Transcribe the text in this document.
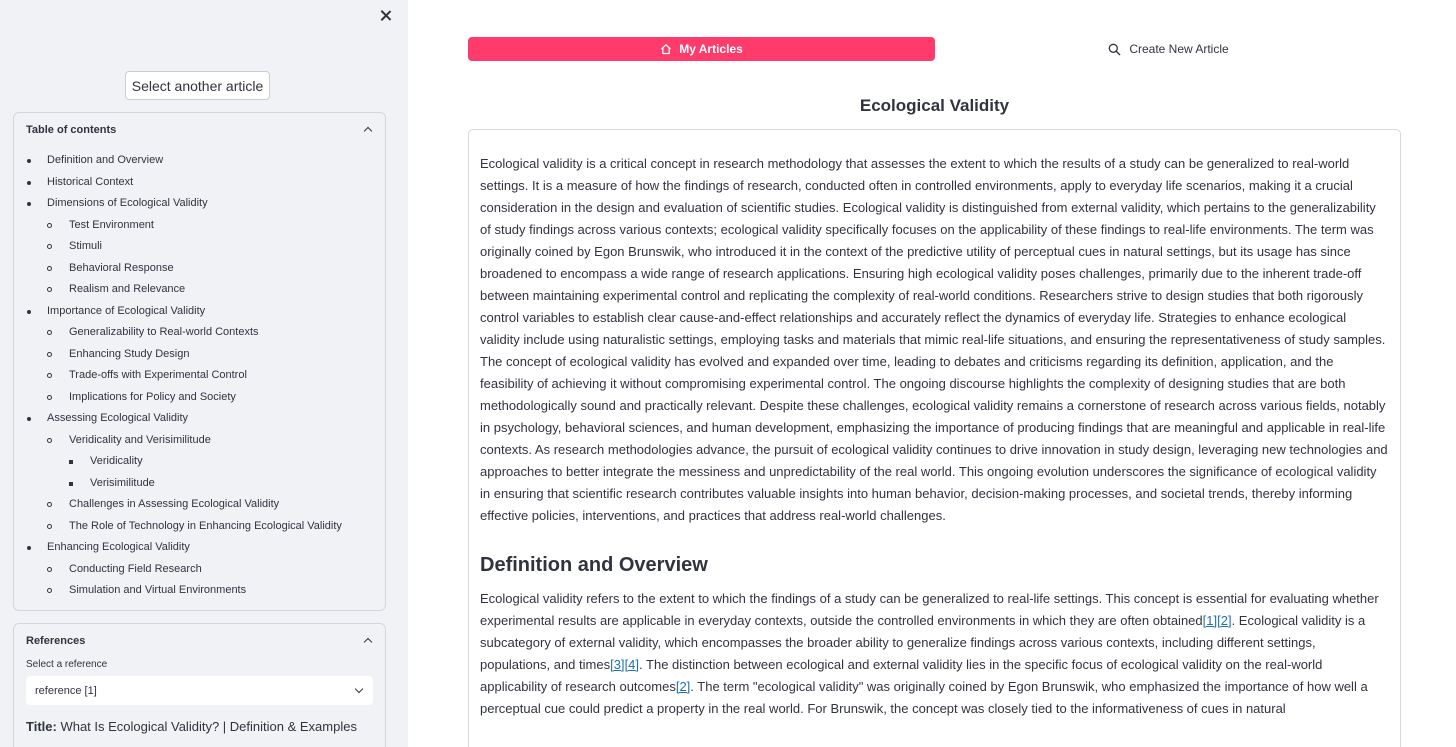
Select another article
Table of contents
Definition and Overview
Historical Context
Dimensions of Ecological Validity
Test Environment
Stimuli
Behavioral Response
Realism and Relevance
Importance of Ecological Validity
Generalizability to Real-world Contexts
Enhancing Study Design
Trade-offs with Experimental Control
Implications for Policy and Society
Assessing Ecological Validity
Veridicality and Verisimilitude
Veridicality
Verisimilitude
Challenges in Assessing Ecological Validity
The Role of Technology in Enhancing Ecological Validity
Enhancing Ecological Validity
Conducting Field Research
Simulation and Virtual Environments
References
Select a reference
reference [1]
Title: What Is Ecological Validity? | Definition & Examples
My Articles	Create New Article
Ecological Validity

Ecological validity is a critical concept in research methodology that assesses the extent to which the results of a study can be generalized to real-world settings. It is a measure of how the findings of research, conducted often in controlled environments, apply to everyday life scenarios, making it a crucial consideration in the design and evaluation of scientific studies. Ecological validity is distinguished from external validity, which pertains to the generalizability of study findings across various contexts; ecological validity specifically focuses on the applicability of these findings to real-life environments. The term was originally coined by Egon Brunswik, who introduced it in the context of the predictive utility of perceptual cues in natural settings, but its usage has since broadened to encompass a wide range of research applications. Ensuring high ecological validity poses challenges, primarily due to the inherent trade-off between maintaining experimental control and replicating the complexity of real-world conditions. Researchers strive to design studies that both rigorously control variables to establish clear cause-and-effect relationships and accurately reflect the dynamics of everyday life. Strategies to enhance ecological validity include using naturalistic settings, employing tasks and materials that mimic real-life situations, and ensuring the representativeness of study samples. The concept of ecological validity has evolved and expanded over time, leading to debates and criticisms regarding its definition, application, and the feasibility of achieving it without compromising experimental control. The ongoing discourse highlights the complexity of designing studies that are both methodologically sound and practically relevant. Despite these challenges, ecological validity remains a cornerstone of research across various fields, notably in psychology, behavioral sciences, and human development, emphasizing the importance of producing findings that are meaningful and applicable in real-life contexts. As research methodologies advance, the pursuit of ecological validity continues to drive innovation in study design, leveraging new technologies and approaches to better integrate the messiness and unpredictability of the real world. This ongoing evolution underscores the significance of ecological validity in ensuring that scientific research contributes valuable insights into human behavior, decision-making processes, and societal trends, thereby informing effective policies, interventions, and practices that address real-world challenges.

Definition and Overview

Ecological validity refers to the extent to which the findings of a study can be generalized to real-life settings. This concept is essential for evaluating whether experimental results are applicable in everyday contexts, outside the controlled environments in which they are often obtained[1][2]. Ecological validity is a subcategory of external validity, which encompasses the broader ability to generalize findings across various contexts, including different settings, populations, and times[3][4]. The distinction between ecological and external validity lies in the specific focus of ecological validity on the real-world applicability of research outcomes[2]. The term "ecological validity" was originally coined by Egon Brunswik, who emphasized the importance of how well a perceptual cue could predict a property in the real world. For Brunswik, the concept was closely tied to the informativeness of cues in natural
